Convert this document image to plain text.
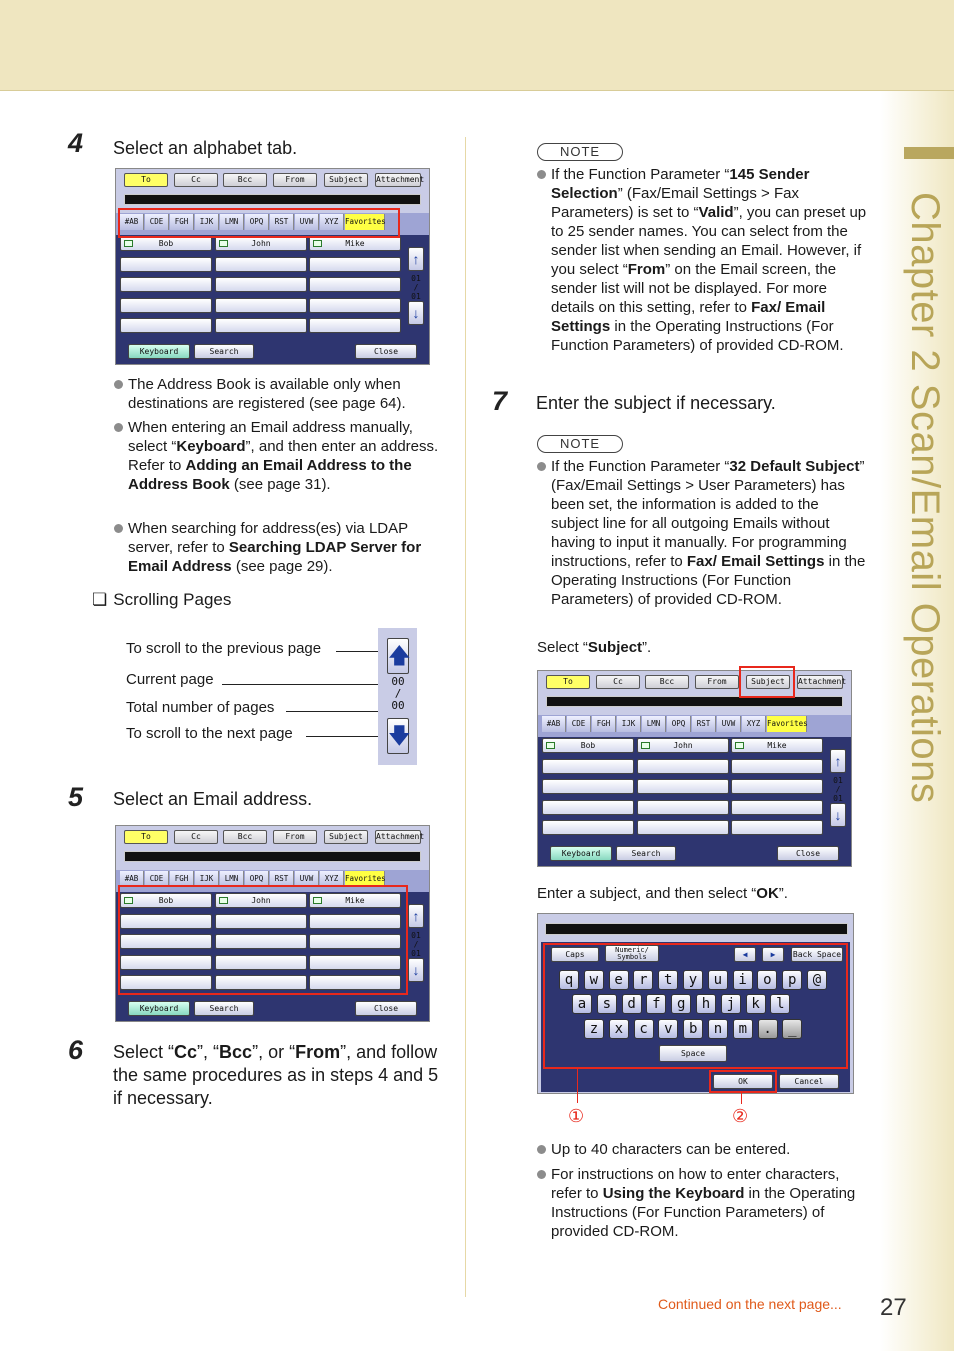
Chapter 2 Scan/Email Operations
4 Select an alphabet tab.
To	Cc	Bcc	From	Subject	Attachment
#AB	CDE	FGH	IJK	LMN	OPQ	RST	UVW	XYZ Favorites
Bob	John	Mike
↑
01
/
01
↓
Keyboard	Search	Close
The Address Book is available only when destinations are registered (see page 64).
When entering an Email address manually, select “Keyboard”, and then enter an address. Refer to Adding an Email Address to the Address Book (see page 31).
When searching for address(es) via LDAP server, refer to Searching LDAP Server for Email Address (see page 29).
❏ Scrolling Pages
To scroll to the previous page
Current page
Total number of pages
To scroll to the next page
🡅
00
/
00
🡇
5 Select an Email address.
To	Cc	Bcc	From	Subject	Attachment
#AB	CDE	FGH	IJK	LMN	OPQ	RST	UVW	XYZ Favorites
Bob	John	Mike
↑
01
/
01
↓
Keyboard	Search	Close
6 Select “Cc”, “Bcc”, or “From”, and follow the same procedures as in steps 4 and 5 if necessary.
NOTE
If the Function Parameter “145 Sender Selection” (Fax/Email Settings > Fax Parameters) is set to “Valid”, you can preset up to 25 sender names. You can select from the sender list when sending an Email. However, if you select “From” on the Email screen, the sender list will not be displayed. For more details on this setting, refer to Fax/ Email Settings in the Operating Instructions (For Function Parameters) of provided CD-ROM.
7 Enter the subject if necessary.
NOTE
If the Function Parameter “32 Default Subject” (Fax/Email Settings > User Parameters) has been set, the information is added to the subject line for all outgoing Emails without having to input it manually. For programming instructions, refer to Fax/ Email Settings in the Operating Instructions (For Function Parameters) of provided CD-ROM.
Select “Subject”.
To	Cc	Bcc	From	Subject	Attachment
#AB	CDE	FGH	IJK	LMN	OPQ	RST	UVW	XYZ Favorites
Bob	John	Mike
↑
01
/
01
↓
Keyboard	Search	Close
Enter a subject, and then select “OK”.
Caps	Numeric/ Symbols	◀	▶	Back Space
Space
OK	Cancel
q	w	e	r	t	y	u	i	o	p	@
a	s	d	f	g	h	j	k	l
z	x	c	v	b	n	m	.	_
①	②
Up to 40 characters can be entered.
For instructions on how to enter characters, refer to Using the Keyboard in the Operating Instructions (For Function Parameters) of provided CD-ROM.
Continued on the next page... 27
